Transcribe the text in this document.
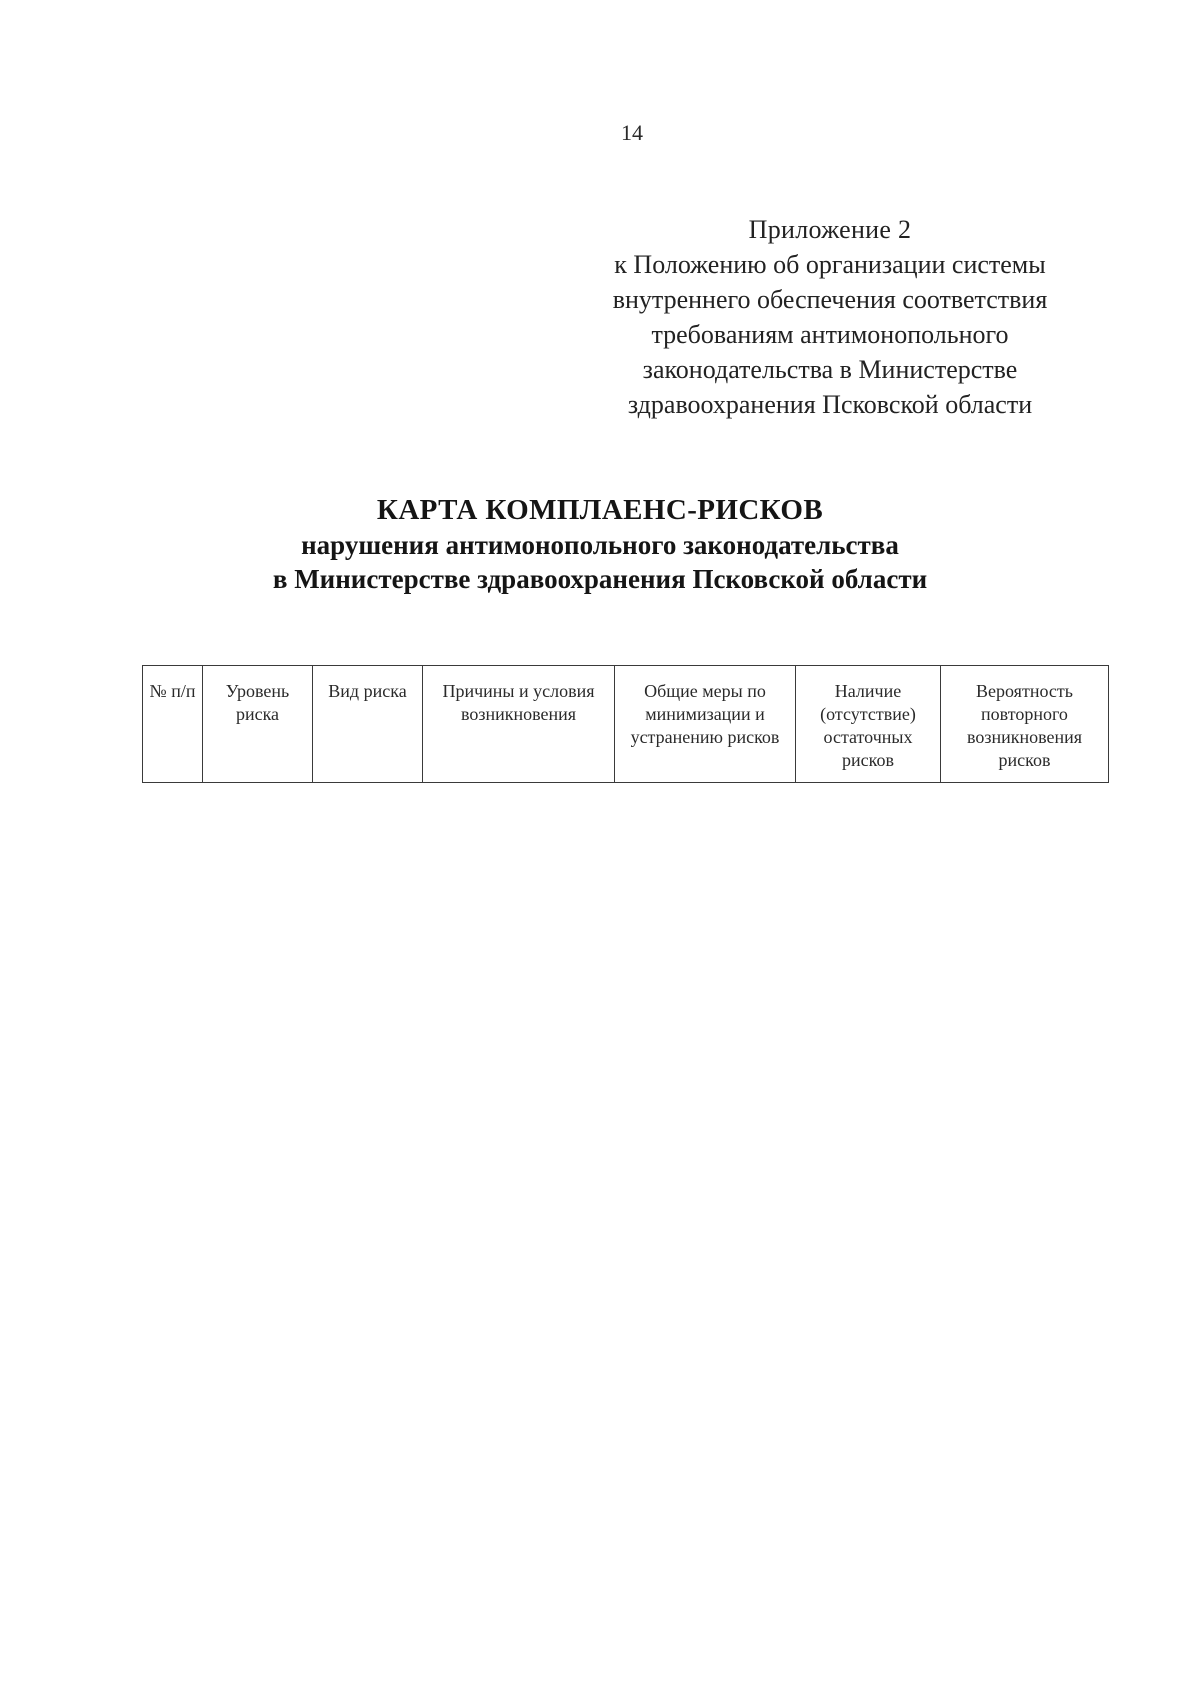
14
Приложение 2
к Положению об организации системы
внутреннего обеспечения соответствия
требованиям антимонопольного
законодательства в Министерстве
здравоохранения Псковской области
КАРТА КОМПЛАЕНС-РИСКОВ
нарушения антимонопольного законодательства
в Министерстве здравоохранения Псковской области
№ п/п	Уровень риска	Вид риска	Причины и условия возникновения	Общие меры по минимизации и устранению рисков	Наличие (отсутствие) остаточных рисков	Вероятность повторного возникновения рисков
